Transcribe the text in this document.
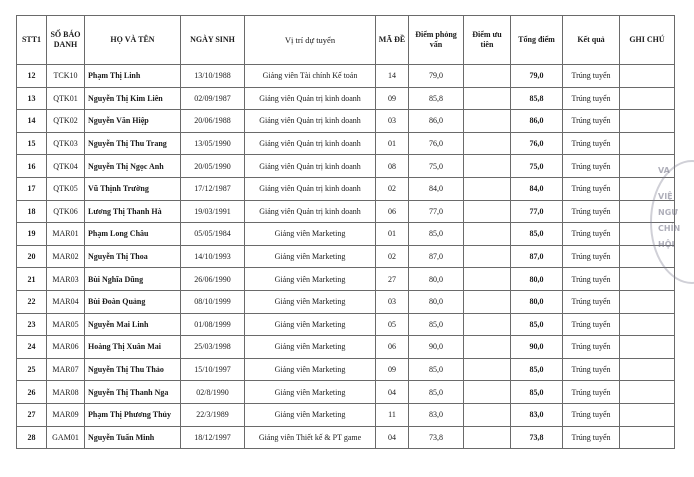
STT1	SỐ BÁO DANH	HỌ VÀ TÊN	NGÀY SINH	Vị trí dự tuyển	MÃ ĐỀ	Điểm phỏng vấn	Điểm ưu tiên	Tổng điểm	Kết quả	GHI CHÚ
12	TCK10	Phạm Thị Linh	13/10/1988	Giảng viên Tài chính Kế toán	14	79,0		79,0	Trúng tuyển	
13	QTK01	Nguyễn Thị Kim Liên	02/09/1987	Giảng viên Quản trị kinh doanh	09	85,8		85,8	Trúng tuyển	
14	QTK02	Nguyễn Văn Hiệp	20/06/1988	Giảng viên Quản trị kinh doanh	03	86,0		86,0	Trúng tuyển	
15	QTK03	Nguyễn Thị Thu Trang	13/05/1990	Giảng viên Quản trị kinh doanh	01	76,0		76,0	Trúng tuyển	
16	QTK04	Nguyễn Thị Ngọc Anh	20/05/1990	Giảng viên Quản trị kinh doanh	08	75,0		75,0	Trúng tuyển	
17	QTK05	Vũ Thịnh Trường	17/12/1987	Giảng viên Quản trị kinh doanh	02	84,0		84,0	Trúng tuyển	
18	QTK06	Lương Thị Thanh Hà	19/03/1991	Giảng viên Quản trị kinh doanh	06	77,0		77,0	Trúng tuyển	
19	MAR01	Phạm Long Châu	05/05/1984	Giảng viên Marketing	01	85,0		85,0	Trúng tuyển	
20	MAR02	Nguyễn Thị Thoa	14/10/1993	Giảng viên Marketing	02	87,0		87,0	Trúng tuyển	
21	MAR03	Bùi Nghĩa Dũng	26/06/1990	Giảng viên Marketing	27	80,0		80,0	Trúng tuyển	
22	MAR04	Bùi Đoàn Quảng	08/10/1999	Giảng viên Marketing	03	80,0		80,0	Trúng tuyển	
23	MAR05	Nguyễn Mai Linh	01/08/1999	Giảng viên Marketing	05	85,0		85,0	Trúng tuyển	
24	MAR06	Hoàng Thị Xuân Mai	25/03/1998	Giảng viên Marketing	06	90,0		90,0	Trúng tuyển	
25	MAR07	Nguyễn Thị Thu Thảo	15/10/1997	Giảng viên Marketing	09	85,0		85,0	Trúng tuyển	
26	MAR08	Nguyễn Thị Thanh Nga	02/8/1990	Giảng viên Marketing	04	85,0		85,0	Trúng tuyển	
27	MAR09	Phạm Thị Phương Thủy	22/3/1989	Giảng viên Marketing	11	83,0		83,0	Trúng tuyển	
28	GAM01	Nguyễn Tuấn Minh	18/12/1997	Giảng viên Thiết kế & PT game	04	73,8		73,8	Trúng tuyển	
VA
VIỆ
NGƯ
CHÍN
HỘI
